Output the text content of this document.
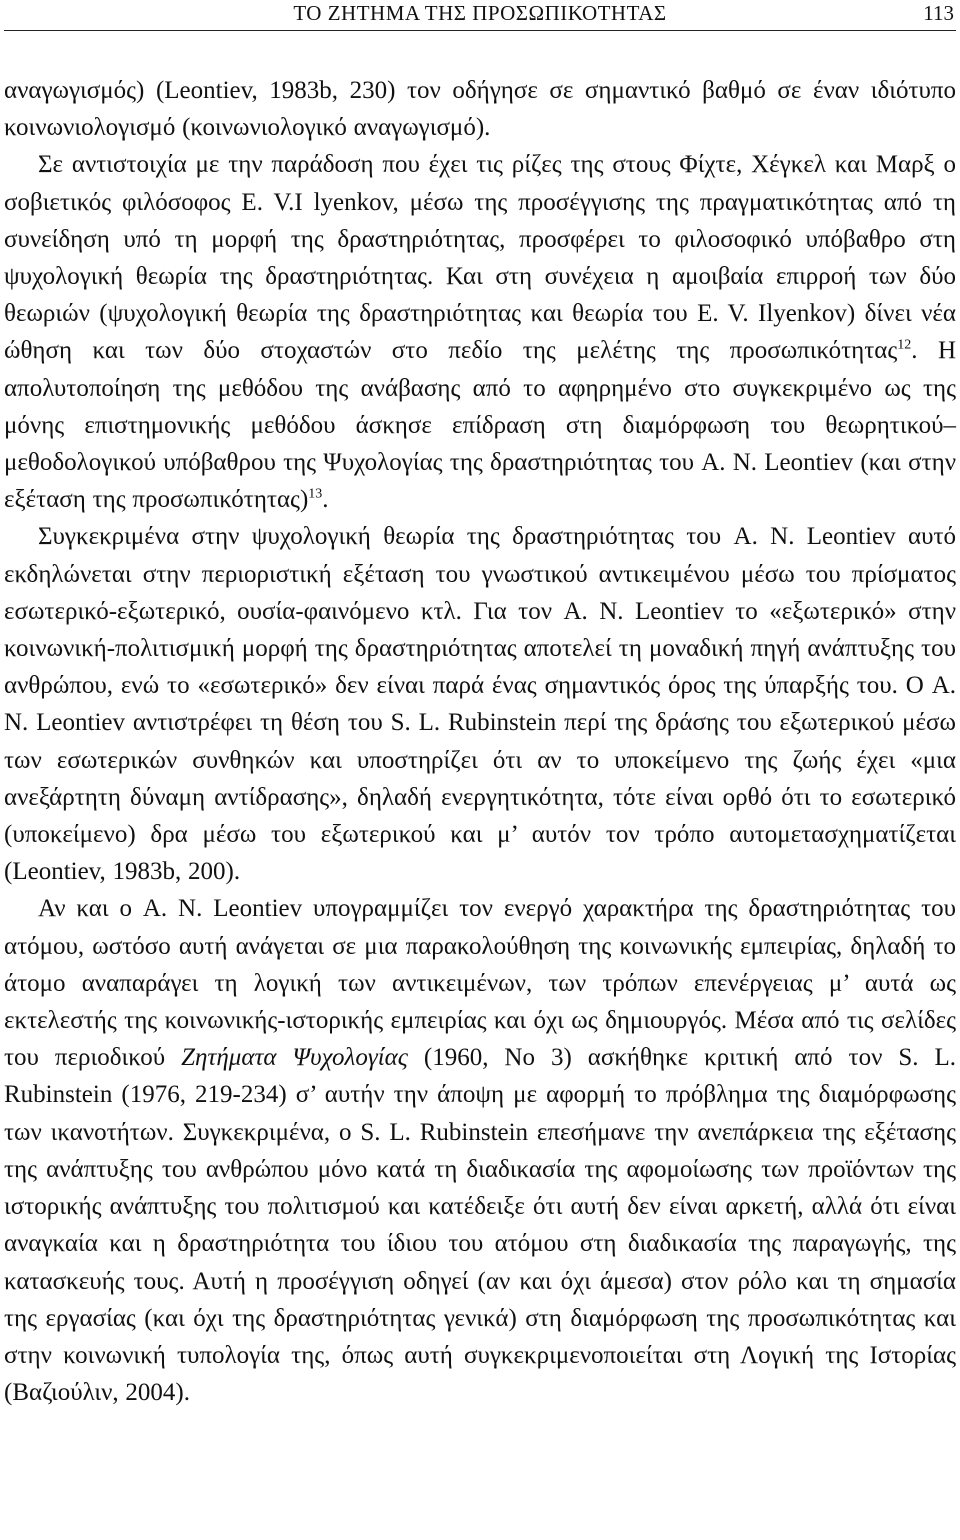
ΤΟ ΖΗΤΗΜΑ ΤΗΣ ΠΡΟΣΩΠΙΚΟΤΗΤΑΣ	113

αναγωγισμός) (Leontiev, 1983b, 230) τον οδήγησε σε σημαντικό βαθμό σε έναν ιδιότυπο κοινωνιολογισμό (κοινωνιολογικό αναγωγισμό).

Σε αντιστοιχία με την παράδοση που έχει τις ρίζες της στους Φίχτε, Χέγκελ και Μαρξ ο σοβιετικός φιλόσοφος E. V.I lyenkov, μέσω της προσέγγισης της πραγματικότητας από τη συνείδηση υπό τη μορφή της δραστηριότητας, προσφέρει το φιλοσοφικό υπόβαθρο στη ψυχολογική θεωρία της δραστηριότητας. Και στη συνέχεια η αμοιβαία επιρροή των δύο θεωριών (ψυχολογική θεωρία της δραστηριότητας και θεωρία του E. V. Ilyenkov) δίνει νέα ώθηση και των δύο στοχαστών στο πεδίο της μελέτης της προσωπικότητας$^{12}$. Η απολυτοποίηση της μεθόδου της ανάβασης από το αφηρημένο στο συγκεκριμένο ως της μόνης επιστημονικής μεθόδου άσκησε επίδραση στη διαμόρφωση του θεωρητικού–μεθοδολογικού υπόβαθρου της Ψυχολογίας της δραστηριότητας του A. N. Leontiev (και στην εξέταση της προσωπικότητας)$^{13}$.

Συγκεκριμένα στην ψυχολογική θεωρία της δραστηριότητας του A. N. Leontiev αυτό εκδηλώνεται στην περιοριστική εξέταση του γνωστικού αντικειμένου μέσω του πρίσματος εσωτερικό-εξωτερικό, ουσία-φαινόμενο κτλ. Για τον A. N. Leontiev το «εξωτερικό» στην κοινωνική-πολιτισμική μορφή της δραστηριότητας αποτελεί τη μοναδική πηγή ανάπτυξης του ανθρώπου, ενώ το «εσωτερικό» δεν είναι παρά ένας σημαντικός όρος της ύπαρξής του. Ο A. N. Leontiev αντιστρέφει τη θέση του S. L. Rubinstein περί της δράσης του εξωτερικού μέσω των εσωτερικών συνθηκών και υποστηρίζει ότι αν το υποκείμενο της ζωής έχει «μια ανεξάρτητη δύναμη αντίδρασης», δηλαδή ενεργητικότητα, τότε είναι ορθό ότι το εσωτερικό (υποκείμενο) δρα μέσω του εξωτερικού και μ’ αυτόν τον τρόπο αυτομετασχηματίζεται (Leontiev, 1983b, 200).

Αν και ο A. N. Leontiev υπογραμμίζει τον ενεργό χαρακτήρα της δραστηριότητας του ατόμου, ωστόσο αυτή ανάγεται σε μια παρακολούθηση της κοινωνικής εμπειρίας, δηλαδή το άτομο αναπαράγει τη λογική των αντικειμένων, των τρόπων επενέργειας μ’ αυτά ως εκτελεστής της κοινωνικής-ιστορικής εμπειρίας και όχι ως δημιουργός. Μέσα από τις σελίδες του περιοδικού Ζητήματα Ψυχολογίας (1960, Νο 3) ασκήθηκε κριτική από τον S. L. Rubinstein (1976, 219-234) σ’ αυτήν την άποψη με αφορμή το πρόβλημα της διαμόρφωσης των ικανοτήτων. Συγκεκριμένα, ο S. L. Rubinstein επεσήμανε την ανεπάρκεια της εξέτασης της ανάπτυξης του ανθρώπου μόνο κατά τη διαδικασία της αφομοίωσης των προϊόντων της ιστορικής ανάπτυξης του πολιτισμού και κατέδειξε ότι αυτή δεν είναι αρκετή, αλλά ότι είναι αναγκαία και η δραστηριότητα του ίδιου του ατόμου στη διαδικασία της παραγωγής, της κατασκευής τους. Αυτή η προσέγγιση οδηγεί (αν και όχι άμεσα) στον ρόλο και τη σημασία της εργασίας (και όχι της δραστηριότητας γενικά) στη διαμόρφωση της προσωπικότητας και στην κοινωνική τυπολογία της, όπως αυτή συγκεκριμενοποιείται στη Λογική της Ιστορίας (Βαζιούλιν, 2004).
